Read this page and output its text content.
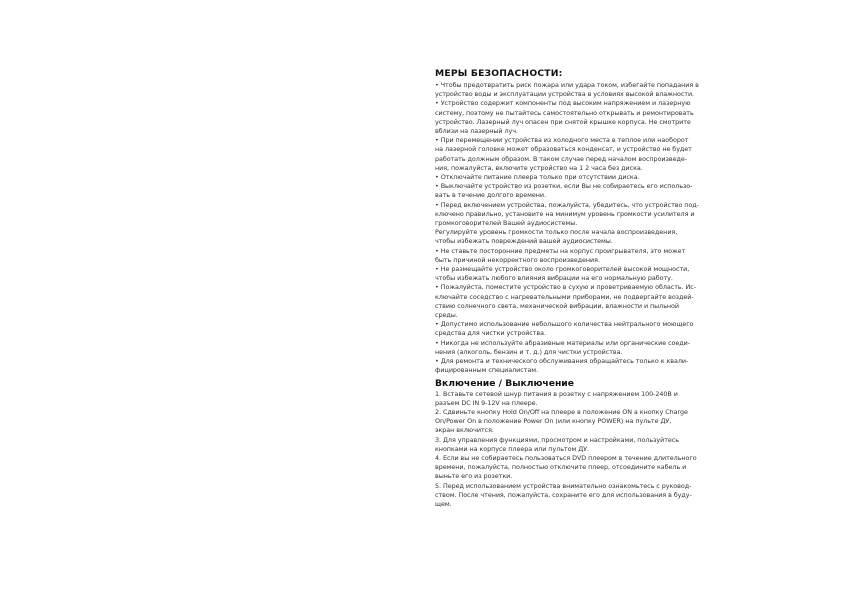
МЕРЫ БЕЗОПАСНОСТИ:

• Чтобы предотвратить риск пожара или удара током, избегайте попадания в
устройство воды и эксплуатации устройства в условиях высокой влажности.

• Устройство содержит компоненты под высоким напряжением и лазерную
систему, поэтому не пытайтесь самостоятельно открывать и ремонтировать
устройство. Лазерный луч опасен при снятой крышке корпуса. Не смотрите
вблизи на лазерный луч.

• При перемещении устройства из холодного места в теплое или наоборот
на лазерной головке может образоваться конденсат, и устройство не будет
работать должным образом. В таком случае перед началом воспроизведе-
ния, пожалуйста, включите устройство на 1 2 часа без диска.

• Отключайте питание плеера только при отсутствии диска.

• Выключайте устройство из розетки, если Вы не собираетесь его использо-
вать в течение долгого времени.

• Перед включением устройства, пожалуйста, убедитесь, что устройство под-
ключено правильно, установите на минимум уровень громкости усилителя и
громкоговорителей Вашей аудиосистемы.

Регулируйте уровень громкости только после начала воспроизведения,
чтобы избежать повреждений вашей аудиосистемы.

• Не ставьте посторонние предметы на корпус проигрывателя, это может
быть причиной некорректного воспроизведения.

• Не размещайте устройство около громкоговорителей высокой мощности,
чтобы избежать любого влияния вибрации на его нормальную работу.

• Пожалуйста, поместите устройство в сухую и проветриваемую область. Ис-
ключайте соседство с нагревательными приборами, не подвергайте воздей-
ствию солнечного света, механической вибрации, влажности и пыльной
среды.

• Допустимо использование небольшого количества нейтрального моющего
средства для чистки устройства.

• Никогда не используйте абразивные материалы или органические соеди-
нения (алкоголь, бензин и т. д.) для чистки устройства.

• Для ремонта и технического обслуживания обращайтесь только к квали-
фицированным специалистам.

Включение / Выключение

1. Вставьте сетевой шнур питания в розетку с напряжением 100-240В и
разъем DC IN 9-12V на плеере.

2. Сдвиньте кнопку Hold On/Off на плеере в положение ON а кнопку Charge
On/Power On в положение Power On (или кнопку POWER) на пульте ДУ,
экран включится.

3. Для управления функциями, просмотром и настройками, пользуйтесь
кнопками на корпусе плеера или пультом ДУ.

4. Если вы не собираетесь пользоваться DVD плеером в течение длительного
времени, пожалуйста, полностью отключите плеер, отсоедините кабель и
выньте его из розетки.

5. Перед использованием устройства внимательно ознакомьтесь с руковод-
ством. После чтения, пожалуйста, сохраните его для использования в буду-
щем.
